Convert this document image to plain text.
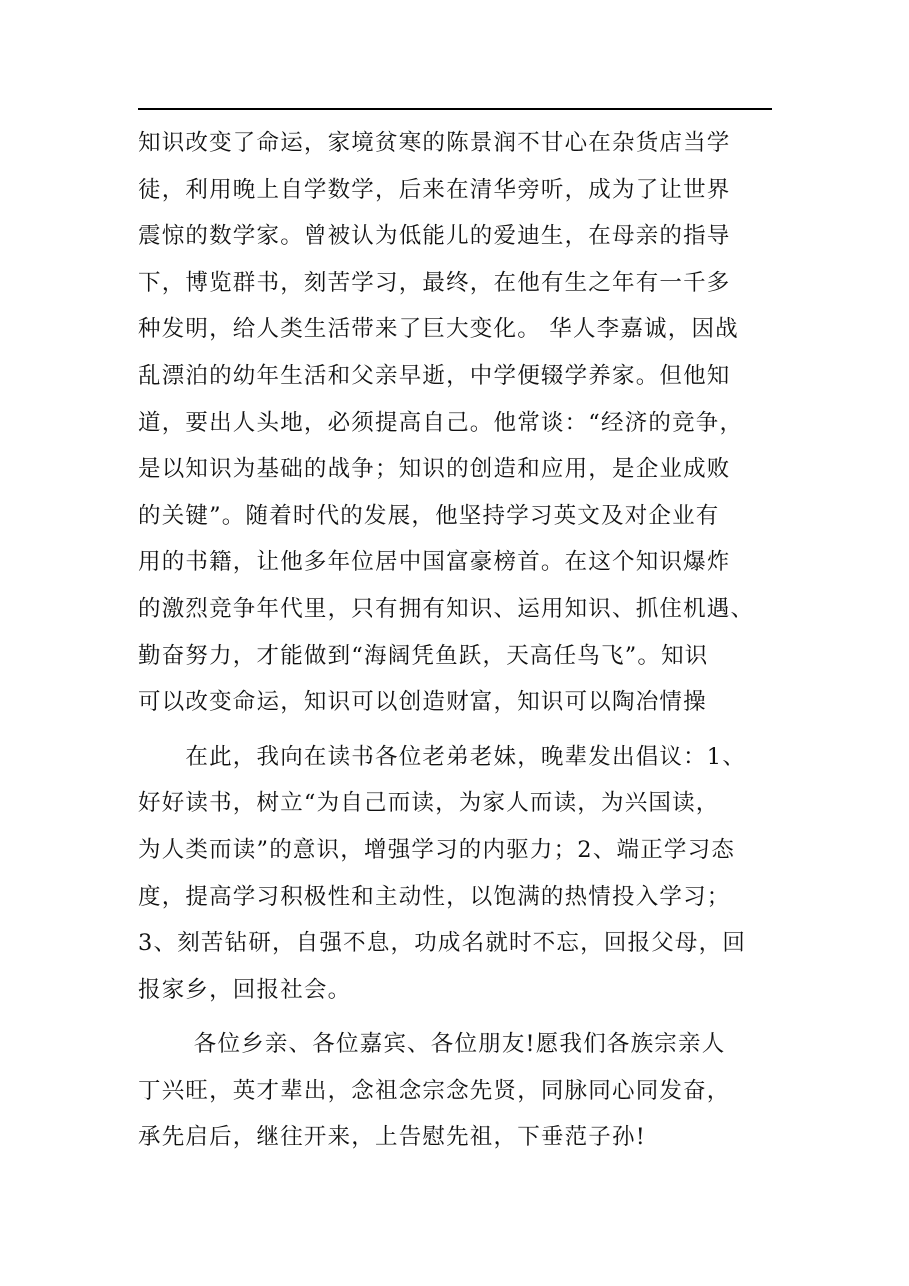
知识改变了命运，家境贫寒的陈景润不甘心在杂货店当学
徒，利用晚上自学数学，后来在清华旁听，成为了让世界
震惊的数学家。曾被认为低能儿的爱迪生，在母亲的指导
下，博览群书，刻苦学习，最终，在他有生之年有一千多
种发明，给人类生活带来了巨大变化。 华人李嘉诚，因战
乱漂泊的幼年生活和父亲早逝，中学便辍学养家。但他知
道，要出人头地，必须提高自己。他常谈：“经济的竞争，
是以知识为基础的战争；知识的创造和应用，是企业成败
的关键”。随着时代的发展，他坚持学习英文及对企业有
用的书籍，让他多年位居中国富豪榜首。在这个知识爆炸
的激烈竞争年代里，只有拥有知识、运用知识、抓住机遇、
勤奋努力，才能做到“海阔凭鱼跃，天高任鸟飞”。知识
可以改变命运，知识可以创造财富，知识可以陶冶情操

　　在此，我向在读书各位老弟老妹，晚辈发出倡议：1、
好好读书，树立“为自己而读，为家人而读，为兴国读，
为人类而读”的意识，增强学习的内驱力；2、端正学习态
度，提高学习积极性和主动性，以饱满的热情投入学习；
3、刻苦钻研，自强不息，功成名就时不忘，回报父母，回
报家乡，回报社会。

　　 各位乡亲、各位嘉宾、各位朋友!愿我们各族宗亲人
丁兴旺，英才辈出，念祖念宗念先贤，同脉同心同发奋，
承先启后，继往开来，上告慰先祖，下垂范子孙!
